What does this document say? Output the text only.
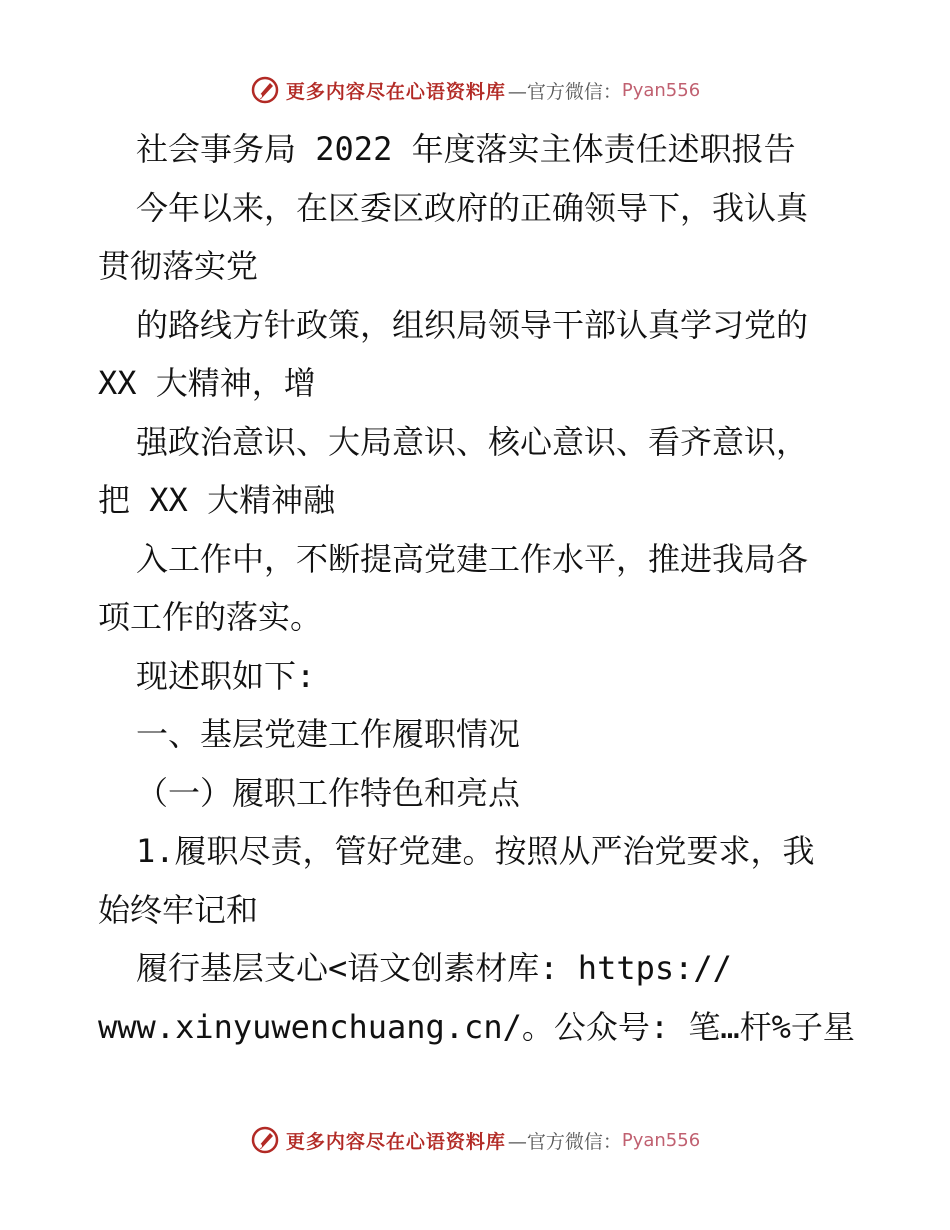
更多内容尽在心语资料库 —官方微信： Pyan556
社会事务局 2022 年度落实主体责任述职报告
今年以来，在区委区政府的正确领导下，我认真
贯彻落实党
的路线方针政策，组织局领导干部认真学习党的
XX 大精神，增
强政治意识、大局意识、核心意识、看齐意识，
把 XX 大精神融
入工作中，不断提高党建工作水平，推进我局各
项工作的落实。
现述职如下:
一、基层党建工作履职情况
（一）履职工作特色和亮点
1.履职尽责，管好党建。按照从严治党要求，我
始终牢记和
履行基层支心<语文创素材库: https://
www.xinyuwenchuang.cn/。公众号: 笔…杆%子星
更多内容尽在心语资料库 —官方微信： Pyan556
